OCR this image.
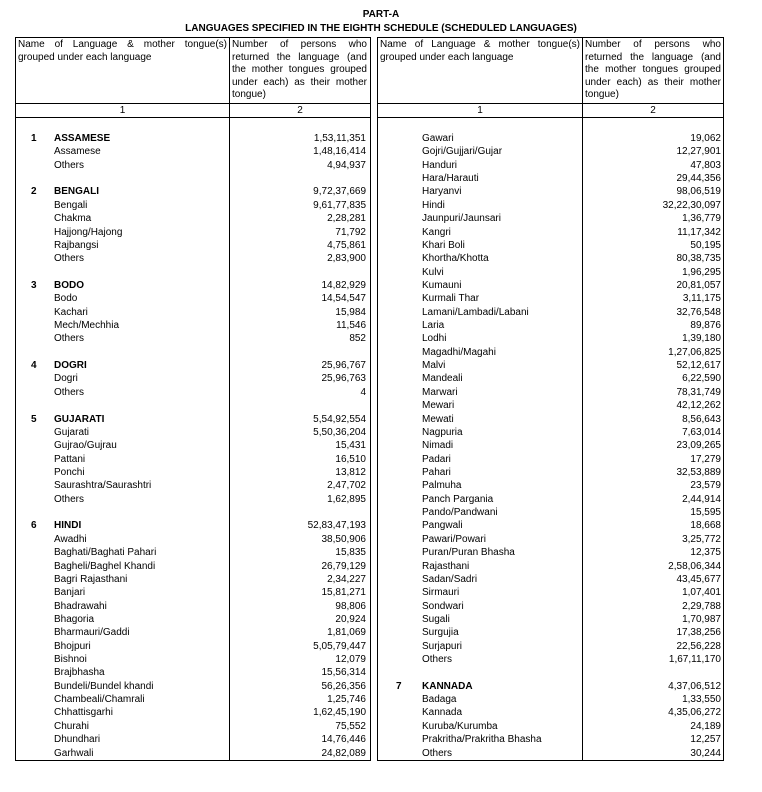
PART-A
LANGUAGES SPECIFIED IN THE EIGHTH SCHEDULE (SCHEDULED LANGUAGES)
Name of Language & mother tongue(s) grouped under each language
Number of persons who returned the language (and the mother tongues grouped under each) as their mother tongue)
1	2
1 ASSAMESE	1,53,11,351
Assamese	1,48,16,414
Others	4,94,937
2 BENGALI	9,72,37,669
Bengali	9,61,77,835
Chakma	2,28,281
Hajjong/Hajong	71,792
Rajbangsi	4,75,861
Others	2,83,900
3 BODO	14,82,929
Bodo	14,54,547
Kachari	15,984
Mech/Mechhia	11,546
Others	852
4 DOGRI	25,96,767
Dogri	25,96,763
Others	4
5 GUJARATI	5,54,92,554
Gujarati	5,50,36,204
Gujrao/Gujrau	15,431
Pattani	16,510
Ponchi	13,812
Saurashtra/Saurashtri	2,47,702
Others	1,62,895
6 HINDI	52,83,47,193
Awadhi	38,50,906
Baghati/Baghati Pahari	15,835
Bagheli/Baghel Khandi	26,79,129
Bagri Rajasthani	2,34,227
Banjari	15,81,271
Bhadrawahi	98,806
Bhagoria	20,924
Bharmauri/Gaddi	1,81,069
Bhojpuri	5,05,79,447
Bishnoi	12,079
Brajbhasha	15,56,314
Bundeli/Bundel khandi	56,26,356
Chambeali/Chamrali	1,25,746
Chhattisgarhi	1,62,45,190
Churahi	75,552
Dhundhari	14,76,446
Garhwali	24,82,089
Name of Language & mother tongue(s) grouped under each language
Number of persons who returned the language (and the mother tongues grouped under each) as their mother tongue)
1	2
Gawari	19,062
Gojri/Gujjari/Gujar	12,27,901
Handuri	47,803
Hara/Harauti	29,44,356
Haryanvi	98,06,519
Hindi	32,22,30,097
Jaunpuri/Jaunsari	1,36,779
Kangri	11,17,342
Khari Boli	50,195
Khortha/Khotta	80,38,735
Kulvi	1,96,295
Kumauni	20,81,057
Kurmali Thar	3,11,175
Lamani/Lambadi/Labani	32,76,548
Laria	89,876
Lodhi	1,39,180
Magadhi/Magahi	1,27,06,825
Malvi	52,12,617
Mandeali	6,22,590
Marwari	78,31,749
Mewari	42,12,262
Mewati	8,56,643
Nagpuria	7,63,014
Nimadi	23,09,265
Padari	17,279
Pahari	32,53,889
Palmuha	23,579
Panch Pargania	2,44,914
Pando/Pandwani	15,595
Pangwali	18,668
Pawari/Powari	3,25,772
Puran/Puran Bhasha	12,375
Rajasthani	2,58,06,344
Sadan/Sadri	43,45,677
Sirmauri	1,07,401
Sondwari	2,29,788
Sugali	1,70,987
Surgujia	17,38,256
Surjapuri	22,56,228
Others	1,67,11,170
7 KANNADA	4,37,06,512
Badaga	1,33,550
Kannada	4,35,06,272
Kuruba/Kurumba	24,189
Prakritha/Prakritha Bhasha	12,257
Others	30,244
